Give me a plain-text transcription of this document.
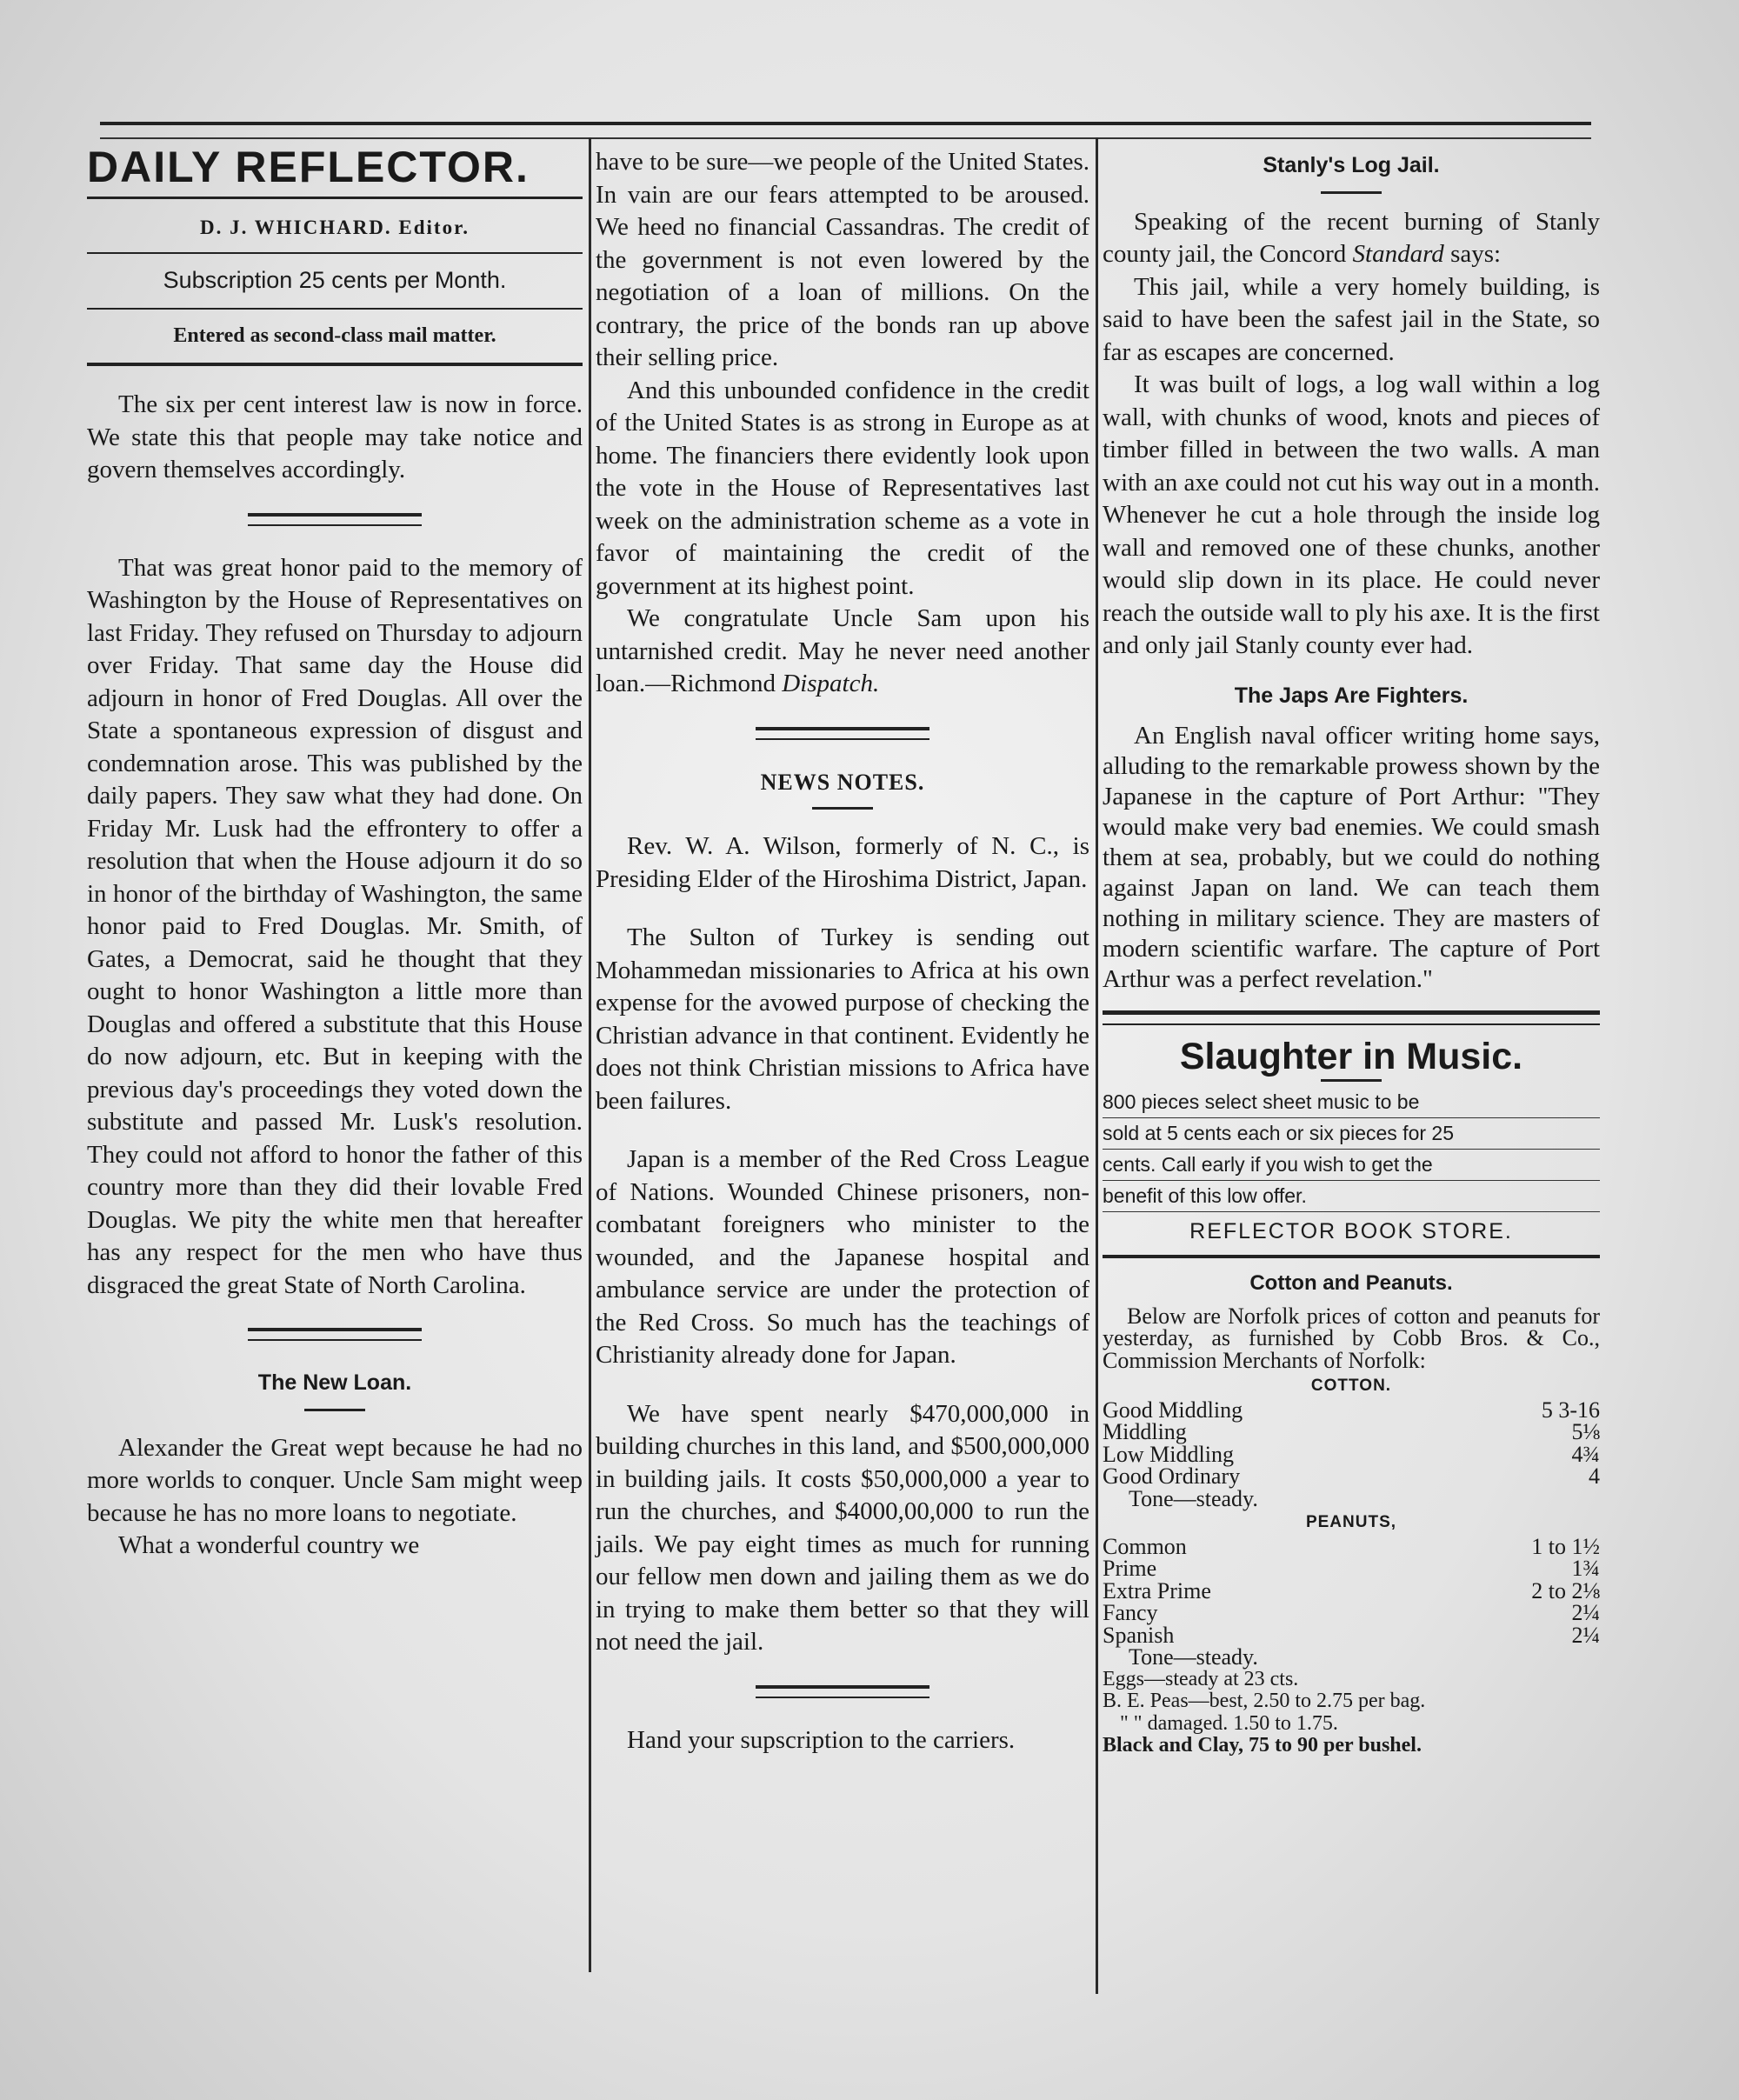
DAILY REFLECTOR.
D. J. WHICHARD. Editor.
Subscription 25 cents per Month.
Entered as second-class mail matter.

The six per cent interest law is now in force. We state this that people may take notice and govern themselves accordingly.

That was great honor paid to the memory of Washington by the House of Representatives on last Friday. They refused on Thursday to adjourn over Friday. That same day the House did adjourn in honor of Fred Douglas. All over the State a spontaneous expression of disgust and condemnation arose. This was published by the daily papers. They saw what they had done. On Friday Mr. Lusk had the effrontery to offer a resolution that when the House adjourn it do so in honor of the birthday of Washington, the same honor paid to Fred Douglas. Mr. Smith, of Gates, a Democrat, said he thought that they ought to honor Washington a little more than Douglas and offered a substitute that this House do now adjourn, etc. But in keeping with the previous day's proceedings they voted down the substitute and passed Mr. Lusk's resolution. They could not afford to honor the father of this country more than they did their lovable Fred Douglas. We pity the white men that hereafter has any respect for the men who have thus disgraced the great State of North Carolina.

The New Loan.

Alexander the Great wept because he had no more worlds to conquer. Uncle Sam might weep because he has no more loans to negotiate.

What a wonderful country we

have to be sure—we people of the United States. In vain are our fears attempted to be aroused. We heed no financial Cassandras. The credit of the government is not even lowered by the negotiation of a loan of millions. On the contrary, the price of the bonds ran up above their selling price.

And this unbounded confidence in the credit of the United States is as strong in Europe as at home. The financiers there evidently look upon the vote in the House of Representatives last week on the administration scheme as a vote in favor of maintaining the credit of the government at its highest point.

We congratulate Uncle Sam upon his untarnished credit. May he never need another loan.—Richmond Dispatch.

NEWS NOTES.

Rev. W. A. Wilson, formerly of N. C., is Presiding Elder of the Hiroshima District, Japan.

The Sulton of Turkey is sending out Mohammedan missionaries to Africa at his own expense for the avowed purpose of checking the Christian advance in that continent. Evidently he does not think Christian missions to Africa have been failures.

Japan is a member of the Red Cross League of Nations. Wounded Chinese prisoners, non-combatant foreigners who minister to the wounded, and the Japanese hospital and ambulance service are under the protection of the Red Cross. So much has the teachings of Christianity already done for Japan.

We have spent nearly $470,000,000 in building churches in this land, and $500,000,000 in building jails. It costs $50,000,000 a year to run the churches, and $4000,00,000 to run the jails. We pay eight times as much for running our fellow men down and jailing them as we do in trying to make them better so that they will not need the jail.

Hand your supscription to the carriers.

Stanly's Log Jail.

Speaking of the recent burning of Stanly county jail, the Concord Standard says:

This jail, while a very homely building, is said to have been the safest jail in the State, so far as escapes are concerned.

It was built of logs, a log wall within a log wall, with chunks of wood, knots and pieces of timber filled in between the two walls. A man with an axe could not cut his way out in a month. Whenever he cut a hole through the inside log wall and removed one of these chunks, another would slip down in its place. He could never reach the outside wall to ply his axe. It is the first and only jail Stanly county ever had.

The Japs Are Fighters.

An English naval officer writing home says, alluding to the remarkable prowess shown by the Japanese in the capture of Port Arthur: "They would make very bad enemies. We could smash them at sea, probably, but we could do nothing against Japan on land. We can teach them nothing in military science. They are masters of modern scientific warfare. The capture of Port Arthur was a perfect revelation."

Slaughter in Music.
800 pieces select sheet music to be
sold at 5 cents each or six pieces for 25
cents. Call early if you wish to get the
benefit of this low offer.
REFLECTOR BOOK STORE.
Cotton and Peanuts.
Below are Norfolk prices of cotton and peanuts for yesterday, as furnished by Cobb Bros. & Co., Commission Merchants of Norfolk:
COTTON.
Good Middling	5 3-16
Middling	5⅛
Low Middling	4¾
Good Ordinary	4
Tone—steady.
PEANUTS,
Common	1 to 1½
Prime	1¾
Extra Prime	2 to 2⅛
Fancy	2¼
Spanish	2¼
Tone—steady.
Eggs—steady at 23 cts.
B. E. Peas—best, 2.50 to 2.75 per bag.
" " damaged. 1.50 to 1.75.
Black and Clay, 75 to 90 per bushel.
